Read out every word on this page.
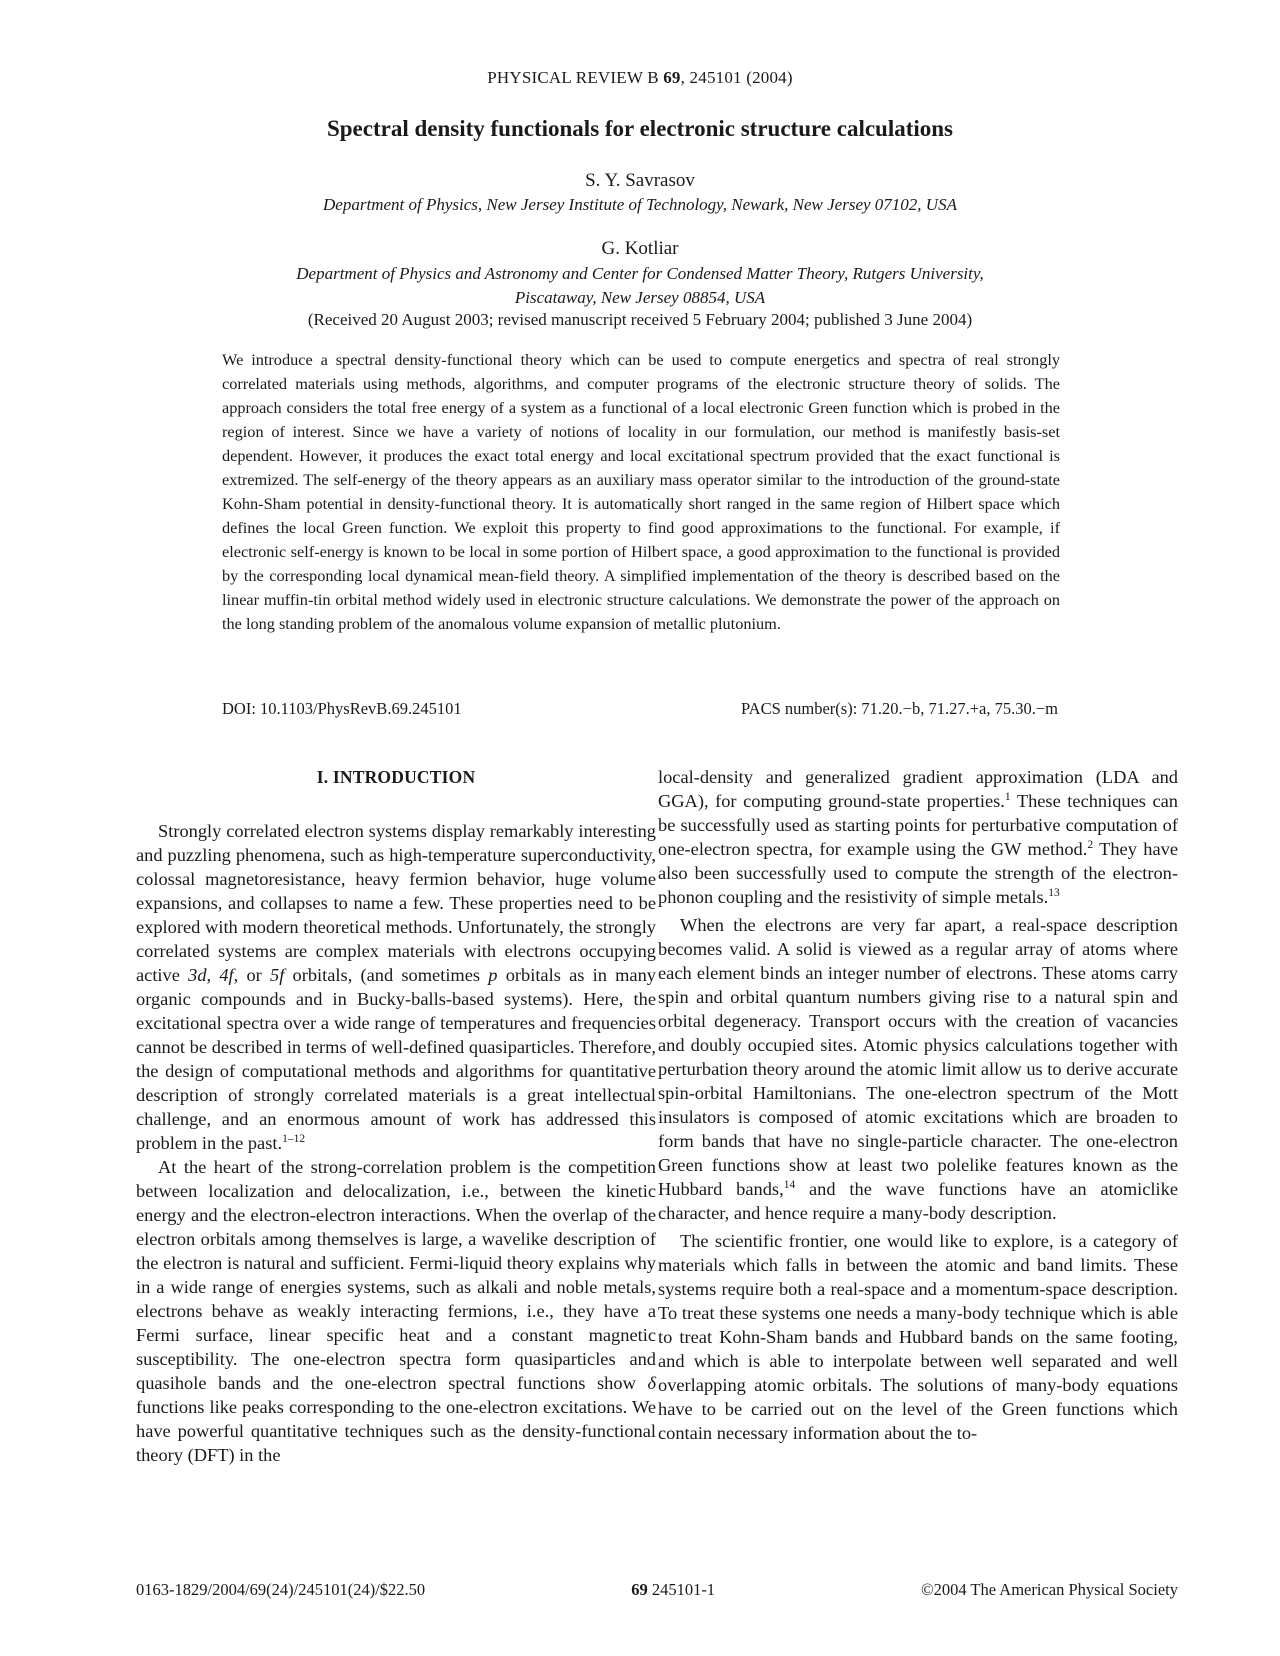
PHYSICAL REVIEW B 69, 245101 (2004)
Spectral density functionals for electronic structure calculations
S. Y. Savrasov
Department of Physics, New Jersey Institute of Technology, Newark, New Jersey 07102, USA
G. Kotliar
Department of Physics and Astronomy and Center for Condensed Matter Theory, Rutgers University,
Piscataway, New Jersey 08854, USA
(Received 20 August 2003; revised manuscript received 5 February 2004; published 3 June 2004)

We introduce a spectral density-functional theory which can be used to compute energetics and spectra of real strongly correlated materials using methods, algorithms, and computer programs of the electronic structure theory of solids. The approach considers the total free energy of a system as a functional of a local electronic Green function which is probed in the region of interest. Since we have a variety of notions of locality in our formulation, our method is manifestly basis-set dependent. However, it produces the exact total energy and local excitational spectrum provided that the exact functional is extremized. The self-energy of the theory appears as an auxiliary mass operator similar to the introduction of the ground-state Kohn-Sham potential in density-functional theory. It is automatically short ranged in the same region of Hilbert space which defines the local Green function. We exploit this property to find good approximations to the functional. For example, if electronic self-energy is known to be local in some portion of Hilbert space, a good approximation to the functional is provided by the corresponding local dynamical mean-field theory. A simplified implementation of the theory is described based on the linear muffin-tin orbital method widely used in electronic structure calculations. We demonstrate the power of the approach on the long standing problem of the anomalous volume expansion of metallic plutonium.

DOI: 10.1103/PhysRevB.69.245101	PACS number(s): 71.20.−b, 71.27.+a, 75.30.−m
I. INTRODUCTION

Strongly correlated electron systems display remarkably interesting and puzzling phenomena, such as high-temperature superconductivity, colossal magnetoresistance, heavy fermion behavior, huge volume expansions, and collapses to name a few. These properties need to be explored with modern theoretical methods. Unfortunately, the strongly correlated systems are complex materials with electrons occupying active 3d, 4f, or 5f orbitals, (and sometimes p orbitals as in many organic compounds and in Bucky-balls-based systems). Here, the excitational spectra over a wide range of temperatures and frequencies cannot be described in terms of well-defined quasiparticles. Therefore, the design of computational methods and algorithms for quantitative description of strongly correlated materials is a great intellectual challenge, and an enormous amount of work has addressed this problem in the past.$^{1-12}$

At the heart of the strong-correlation problem is the competition between localization and delocalization, i.e., between the kinetic energy and the electron-electron interactions. When the overlap of the electron orbitals among themselves is large, a wavelike description of the electron is natural and sufficient. Fermi-liquid theory explains why in a wide range of energies systems, such as alkali and noble metals, electrons behave as weakly interacting fermions, i.e., they have a Fermi surface, linear specific heat and a constant magnetic susceptibility. The one-electron spectra form quasiparticles and quasihole bands and the one-electron spectral functions show δ functions like peaks corresponding to the one-electron excitations. We have powerful quantitative techniques such as the density-functional theory (DFT) in the

local-density and generalized gradient approximation (LDA and GGA), for computing ground-state properties.$^1$ These techniques can be successfully used as starting points for perturbative computation of one-electron spectra, for example using the GW method.$^2$ They have also been successfully used to compute the strength of the electron-phonon coupling and the resistivity of simple metals.$^{13}$

When the electrons are very far apart, a real-space description becomes valid. A solid is viewed as a regular array of atoms where each element binds an integer number of electrons. These atoms carry spin and orbital quantum numbers giving rise to a natural spin and orbital degeneracy. Transport occurs with the creation of vacancies and doubly occupied sites. Atomic physics calculations together with perturbation theory around the atomic limit allow us to derive accurate spin-orbital Hamiltonians. The one-electron spectrum of the Mott insulators is composed of atomic excitations which are broaden to form bands that have no single-particle character. The one-electron Green functions show at least two polelike features known as the Hubbard bands,$^{14}$ and the wave functions have an atomiclike character, and hence require a many-body description.

The scientific frontier, one would like to explore, is a category of materials which falls in between the atomic and band limits. These systems require both a real-space and a momentum-space description. To treat these systems one needs a many-body technique which is able to treat Kohn-Sham bands and Hubbard bands on the same footing, and which is able to interpolate between well separated and well overlapping atomic orbitals. The solutions of many-body equations have to be carried out on the level of the Green functions which contain necessary information about the to-

0163-1829/2004/69(24)/245101(24)/$22.50	69 245101-1	©2004 The American Physical Society
